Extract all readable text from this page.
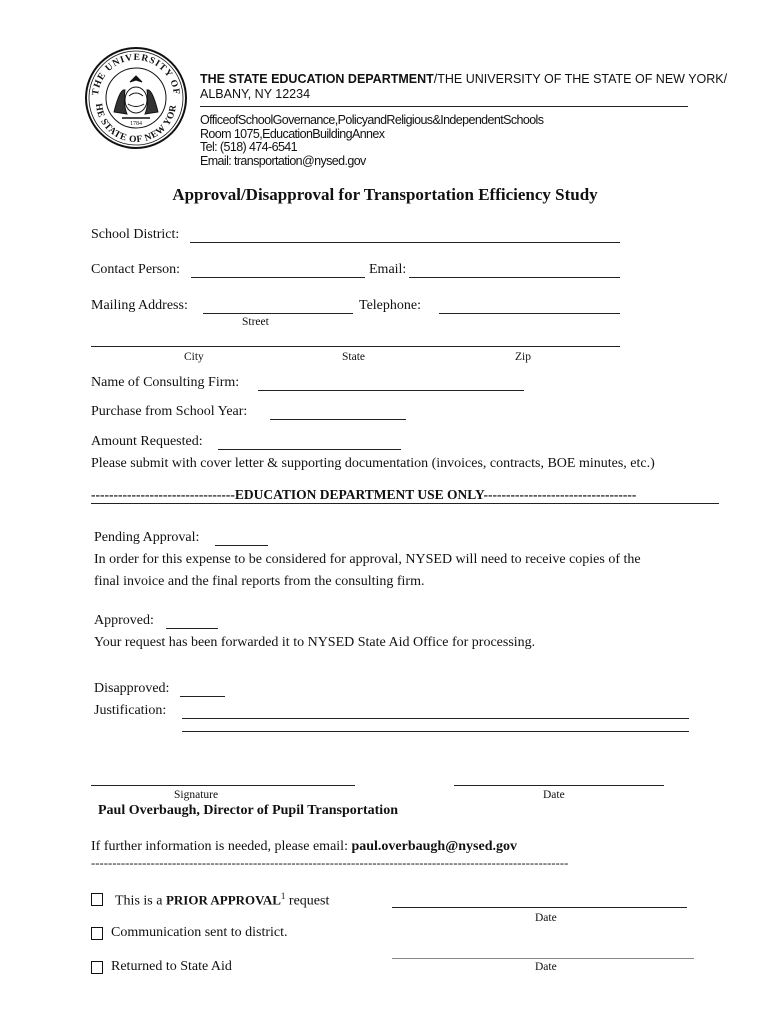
THE UNIVERSITY OF
HE STATE OF NEW YOR
1784
THE STATE EDUCATION DEPARTMENT/THE UNIVERSITY OF THE STATE OF NEW YORK/
ALBANY, NY 12234
OfficeofSchoolGovernance,PolicyandReligious&IndependentSchools
Room 1075,EducationBuildingAnnex
Tel: (518) 474-6541
Email: transportation@nysed.gov
Approval/Disapproval for Transportation Efficiency Study
School District:
Contact Person:	Email:
Mailing Address:	Telephone:
Street
City	State	Zip
Name of Consulting Firm:
Purchase from School Year:
Amount Requested:
Please submit with cover letter & supporting documentation (invoices, contracts, BOE minutes, etc.)
--------------------------------EDUCATION DEPARTMENT USE ONLY----------------------------------
Pending Approval:
In order for this expense to be considered for approval, NYSED will need to receive copies of the
final invoice and the final reports from the consulting firm.
Approved:
Your request has been forwarded it to NYSED State Aid Office for processing.
Disapproved:
Justification:
Signature	Date
Paul Overbaugh, Director of Pupil Transportation
If further information is needed, please email: paul.overbaugh@nysed.gov
----------------------------------------------------------------------------------------------------------------
This is a PRIOR APPROVAL$^1$ request
Date
Communication sent to district.
Returned to State Aid	Date
